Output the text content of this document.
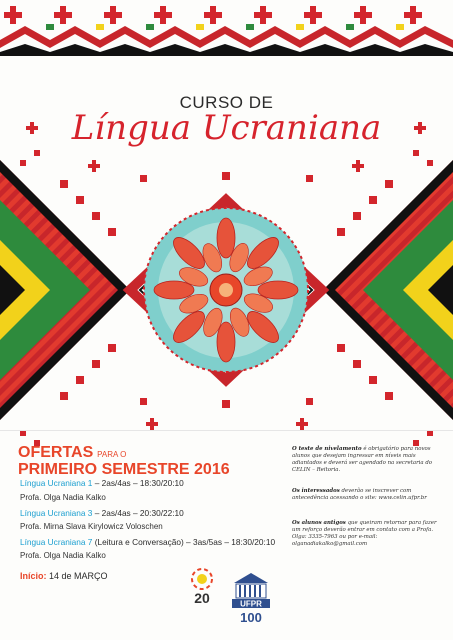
CURSO DE
Língua Ucraniana
OFERTAS PARA O
PRIMEIRO SEMESTRE 2016
Língua Ucraniana 1 – 2as/4as – 18:30/20:10
Profa. Olga Nadia Kalko
Língua Ucraniana 3 – 2as/4as – 20:30/22:10
Profa. Mirna Slava Kirylowicz Voloschen
Língua Ucraniana 7 (Leitura e Conversação) – 3as/5as – 18:30/20:10
Profa. Olga Nadia Kalko
Início: 14 de MARÇO
O teste de nivelamento é obrigatório para novos alunos que desejam ingressar em níveis mais adiantados e deverá ser agendado na secretaria do CELIN – Reitoria.
Os interessados deverão se inscrever com antecedência acessando o site: www.celin.ufpr.br
Os alunos antigos que queiram retornar para fazer um reforço deverão entrar em contato com a Profa. Olga: 3335-7963 ou por e-mail: olganadiakalko@gmail.com
20	UFPR
100
